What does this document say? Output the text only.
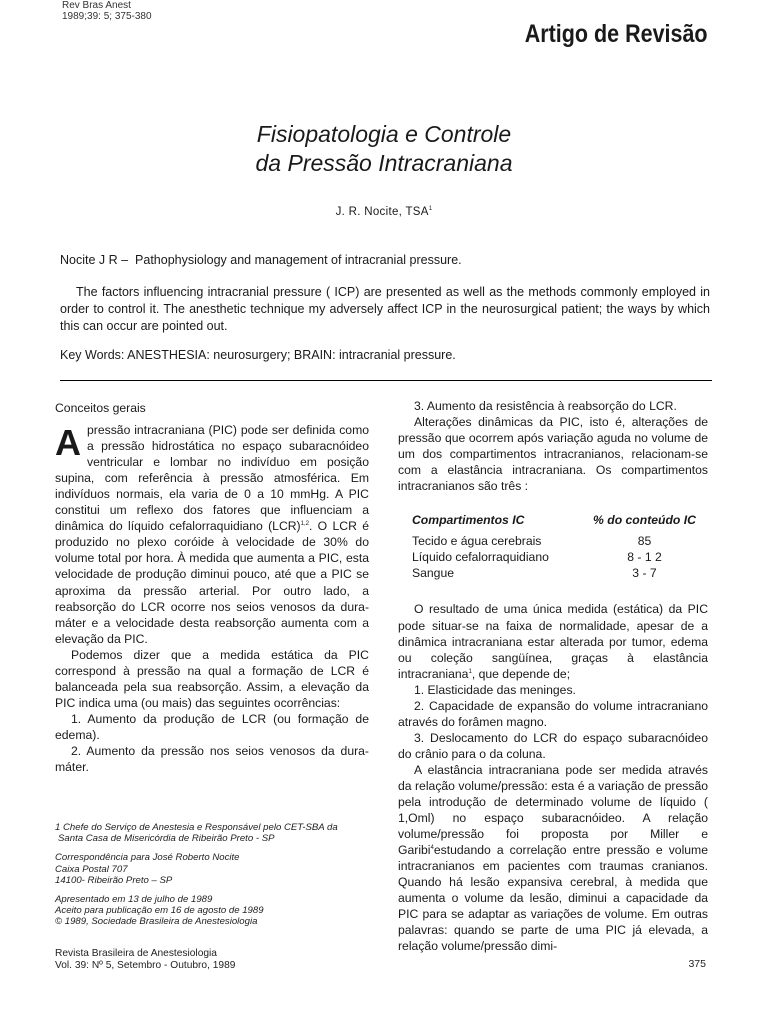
Rev Bras Anest
1989;39: 5; 375-380
Artigo de Revisão
Fisiopatologia e Controle
da Pressão Intracraniana
J. R. Nocite, TSA$^1$

Nocite J R – Pathophysiology and management of intracranial pressure.

The factors influencing intracranial pressure ( ICP) are presented as well as the methods commonly employed in order to control it. The anesthetic technique my adversely affect ICP in the neurosurgical patient; the ways by which this can occur are pointed out.

Key Words: ANESTHESIA: neurosurgery; BRAIN: intracranial pressure.

Conceitos gerais

Apressão intracraniana (PIC) pode ser definida como a pressão hidrostática no espaço subaracnóideo ventricular e lombar no indivíduo em posição supina, com referência à pressão atmosférica. Em indivíduos normais, ela varia de 0 a 10 mmHg. A PIC constitui um reflexo dos fatores que influenciam a dinâmica do líquido cefalorraquidiano (LCR)$^{1,2}$. O LCR é produzido no plexo coróide à velocidade de 30% do volume total por hora. À medida que aumenta a PIC, esta velocidade de produção diminui pouco, até que a PIC se aproxima da pressão arterial. Por outro lado, a reabsorção do LCR ocorre nos seios venosos da dura-máter e a velocidade desta reabsorção aumenta com a elevação da PIC.

Podemos dizer que a medida estática da PIC correspond à pressão na qual a formação de LCR é balanceada pela sua reabsorção. Assim, a elevação da PIC indica uma (ou mais) das seguintes ocorrências:

1. Aumento da produção de LCR (ou formação de edema).

2. Aumento da pressão nos seios venosos da dura-máter.

3. Aumento da resistência à reabsorção do LCR.

Alterações dinâmicas da PIC, isto é, alterações de pressão que ocorrem após variação aguda no volume de um dos compartimentos intracranianos, relacionam-se com a elastância intracraniana. Os compartimentos intracranianos são três :

Compartimentos IC	% do conteúdo IC
Tecido e água cerebrais	85
Líquido cefalorraquidiano	8 - 1 2
Sangue	3 - 7

O resultado de uma única medida (estática) da PIC pode situar-se na faixa de normalidade, apesar de a dinâmica intracraniana estar alterada por tumor, edema ou coleção sangüínea, graças à elastância intracraniana$^1$, que depende de;

1. Elasticidade das meninges.

2. Capacidade de expansão do volume intracraniano através do forâmen magno.

3. Deslocamento do LCR do espaço subaracnóideo do crânio para o da coluna.

A elastância intracraniana pode ser medida através da relação volume/pressão: esta é a variação de pressão pela introdução de determinado volume de líquido ( 1,Oml) no espaço subaracnóideo. A relação volume/pressão foi proposta por Miller e Garibi$^4$estudando a correlação entre pressão e volume intracranianos em pacientes com traumas cranianos. Quando há lesão expansiva cerebral, à medida que aumenta o volume da lesão, diminui a capacidade da PIC para se adaptar as variações de volume. Em outras palavras: quando se parte de uma PIC já elevada, a relação volume/pressão dimi-

1 Chefe do Serviço de Anestesia e Responsável pelo CET-SBA da

Santa Casa de Misericórdia de Ribeirão Preto - SP

Correspondência para José Roberto Nocite

Caixa Postal 707

14100- Ribeirão Preto – SP

Apresentado em 13 de julho de 1989

Aceito para publicação em 16 de agosto de 1989

© 1989, Sociedade Brasileira de Anestesiologia

Revista Brasileira de Anestesiologia
Vol. 39: Nº 5, Setembro - Outubro, 1989	375
